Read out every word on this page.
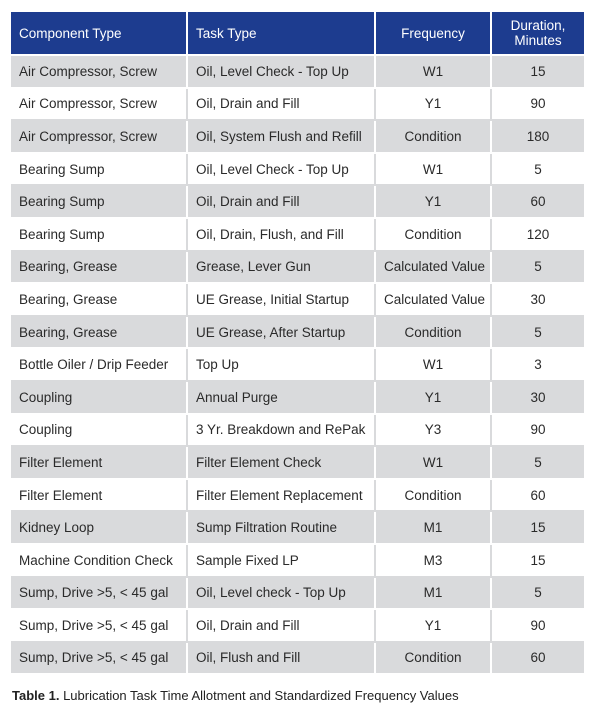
Component Type	Task Type	Frequency	Duration,
Minutes
Air Compressor, Screw	Oil, Level Check - Top Up	W1	15
Air Compressor, Screw	Oil, Drain and Fill	Y1	90
Air Compressor, Screw	Oil, System Flush and Refill	Condition	180
Bearing Sump	Oil, Level Check - Top Up	W1	5
Bearing Sump	Oil, Drain and Fill	Y1	60
Bearing Sump	Oil, Drain, Flush, and Fill	Condition	120
Bearing, Grease	Grease, Lever Gun	Calculated Value	5
Bearing, Grease	UE Grease, Initial Startup	Calculated Value	30
Bearing, Grease	UE Grease, After Startup	Condition	5
Bottle Oiler / Drip Feeder	Top Up	W1	3
Coupling	Annual Purge	Y1	30
Coupling	3 Yr. Breakdown and RePak	Y3	90
Filter Element	Filter Element Check	W1	5
Filter Element	Filter Element Replacement	Condition	60
Kidney Loop	Sump Filtration Routine	M1	15
Machine Condition Check	Sample Fixed LP	M3	15
Sump, Drive >5, < 45 gal	Oil, Level check - Top Up	M1	5
Sump, Drive >5, < 45 gal	Oil, Drain and Fill	Y1	90
Sump, Drive >5, < 45 gal	Oil, Flush and Fill	Condition	60
Table 1. Lubrication Task Time Allotment and Standardized Frequency Values
